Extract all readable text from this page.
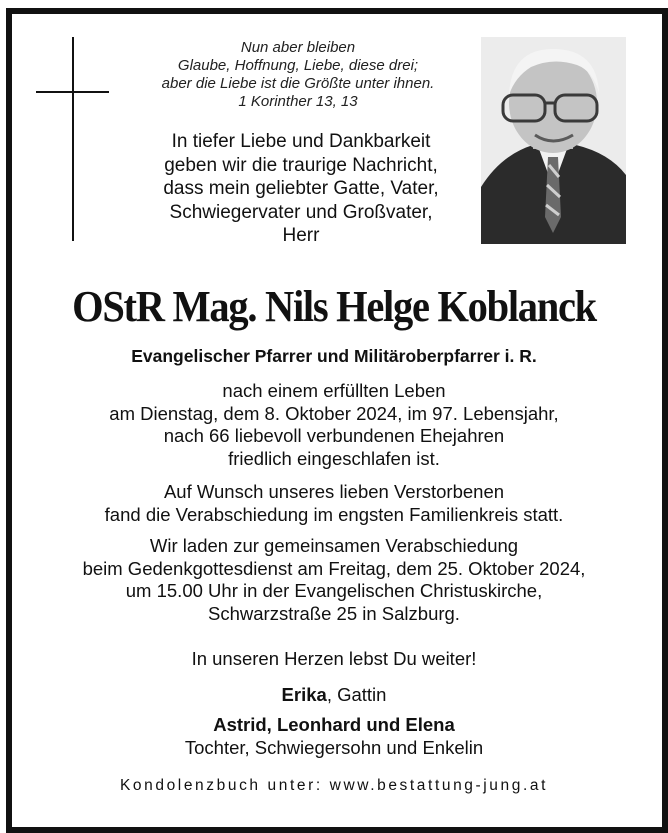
Nun aber bleiben
Glaube, Hoffnung, Liebe, diese drei;
aber die Liebe ist die Größte unter ihnen.
1 Korinther 13, 13
In tiefer Liebe und Dankbarkeit
geben wir die traurige Nachricht,
dass mein geliebter Gatte, Vater,
Schwiegervater und Großvater,
Herr
OStR Mag. Nils Helge Koblanck
Evangelischer Pfarrer und Militäroberpfarrer i. R.
nach einem erfüllten Leben
am Dienstag, dem 8. Oktober 2024, im 97. Lebensjahr,
nach 66 liebevoll verbundenen Ehejahren
friedlich eingeschlafen ist.
Auf Wunsch unseres lieben Verstorbenen
fand die Verabschiedung im engsten Familienkreis statt.
Wir laden zur gemeinsamen Verabschiedung
beim Gedenkgottesdienst am Freitag, dem 25. Oktober 2024,
um 15.00 Uhr in der Evangelischen Christuskirche,
Schwarzstraße 25 in Salzburg.
In unseren Herzen lebst Du weiter!
Erika, Gattin
Astrid, Leonhard und Elena
Tochter, Schwiegersohn und Enkelin
Kondolenzbuch unter: www.bestattung-jung.at
